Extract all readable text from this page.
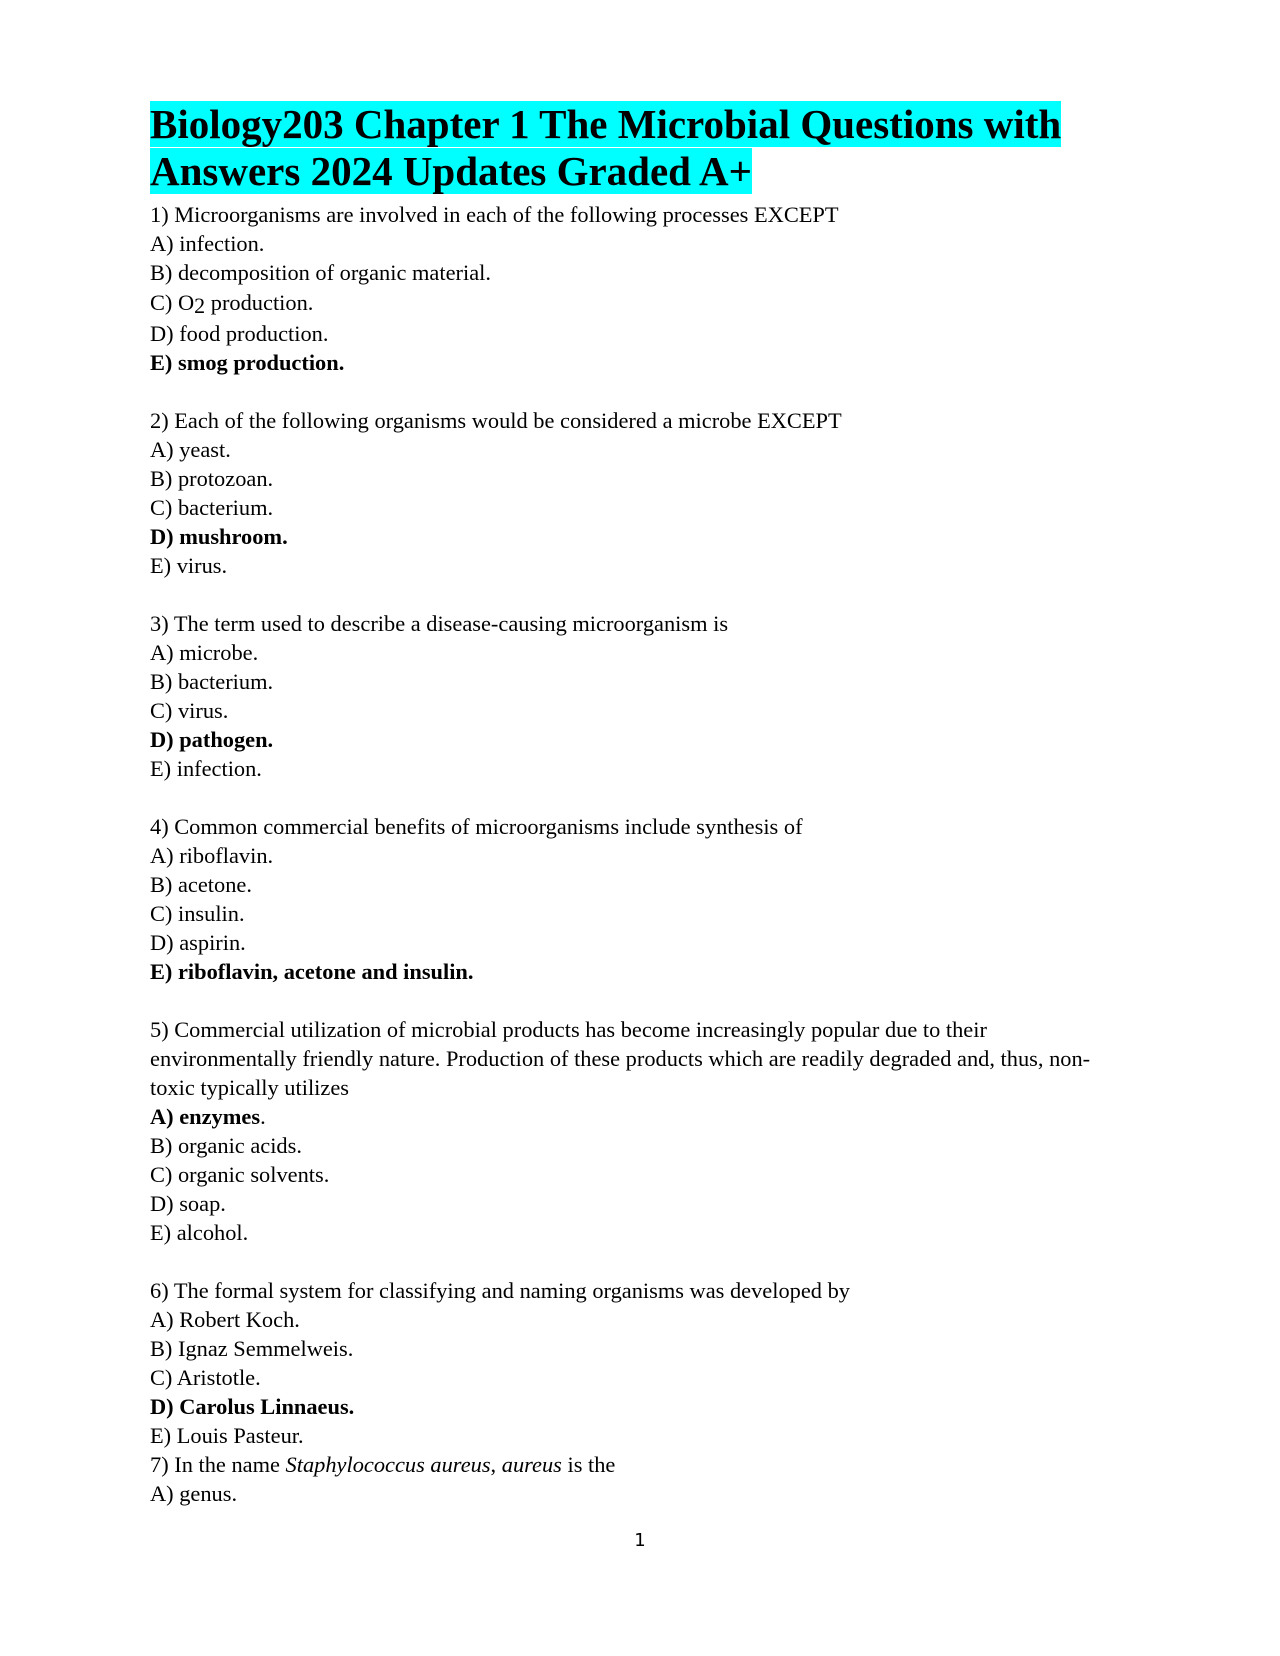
Biology203 Chapter 1 The Microbial Questions with Answers 2024 Updates Graded A+
1) Microorganisms are involved in each of the following processes EXCEPT
A) infection.
B) decomposition of organic material.
C) O2 production.
D) food production.
E) smog production.
2) Each of the following organisms would be considered a microbe EXCEPT
A) yeast.
B) protozoan.
C) bacterium.
D) mushroom.
E) virus.
3) The term used to describe a disease-causing microorganism is
A) microbe.
B) bacterium.
C) virus.
D) pathogen.
E) infection.
4) Common commercial benefits of microorganisms include synthesis of
A) riboflavin.
B) acetone.
C) insulin.
D) aspirin.
E) riboflavin, acetone and insulin.
5) Commercial utilization of microbial products has become increasingly popular due to their environmentally friendly nature. Production of these products which are readily degraded and, thus, non-toxic typically utilizes
A) enzymes.
B) organic acids.
C) organic solvents.
D) soap.
E) alcohol.
6) The formal system for classifying and naming organisms was developed by
A) Robert Koch.
B) Ignaz Semmelweis.
C) Aristotle.
D) Carolus Linnaeus.
E) Louis Pasteur.
7) In the name Staphylococcus aureus, aureus is the
A) genus.
1
